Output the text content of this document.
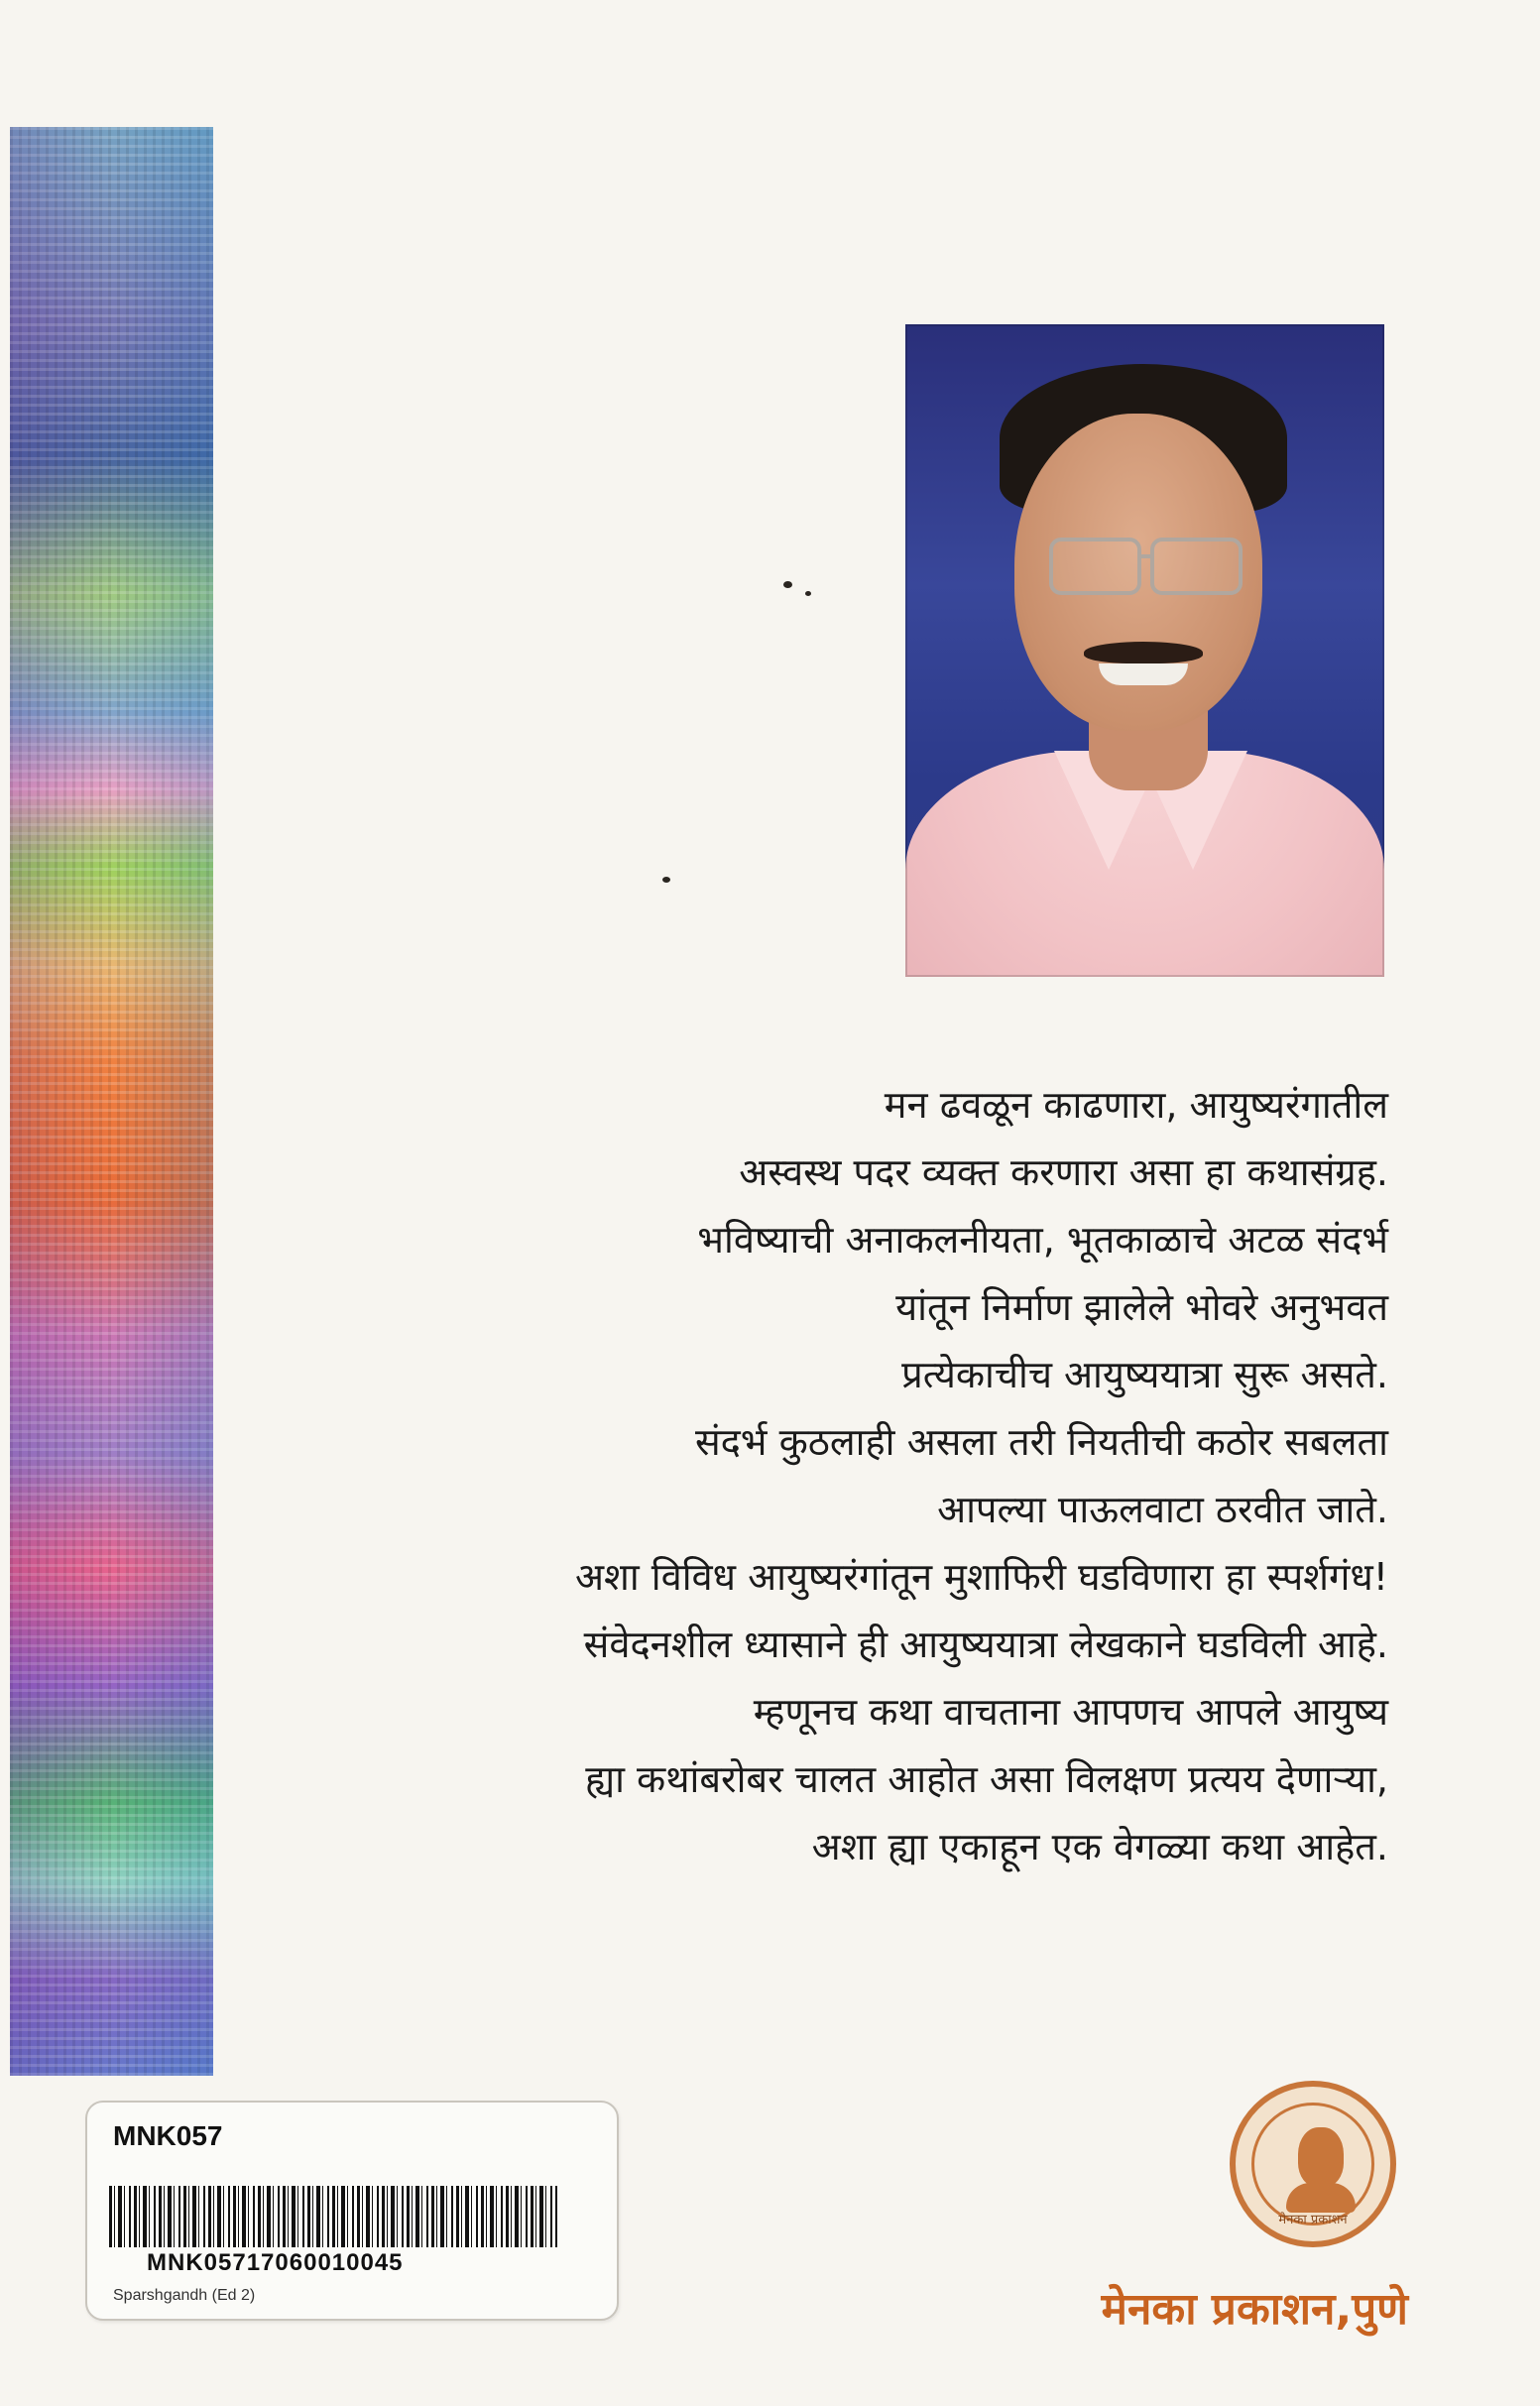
मन ढवळून काढणारा, आयुष्यरंगातील
अस्वस्थ पदर व्यक्त करणारा असा हा कथासंग्रह.
भविष्याची अनाकलनीयता, भूतकाळाचे अटळ संदर्भ
यांतून निर्माण झालेले भोवरे अनुभवत
प्रत्येकाचीच आयुष्ययात्रा सुरू असते.
संदर्भ कुठलाही असला तरी नियतीची कठोर सबलता
आपल्या पाऊलवाटा ठरवीत जाते.
अशा विविध आयुष्यरंगांतून मुशाफिरी घडविणारा हा स्पर्शगंध!
संवेदनशील ध्यासाने ही आयुष्ययात्रा लेखकाने घडविली आहे.
म्हणूनच कथा वाचताना आपणच आपले आयुष्य
ह्या कथांबरोबर चालत आहोत असा विलक्षण प्रत्यय देणाऱ्या,
अशा ह्या एकाहून एक वेगळ्या कथा आहेत.
MNK057
MNK05717060010045
Sparshgandh (Ed 2)
मेनका प्रकाशन
मेनका प्रकाशन,पुणे
